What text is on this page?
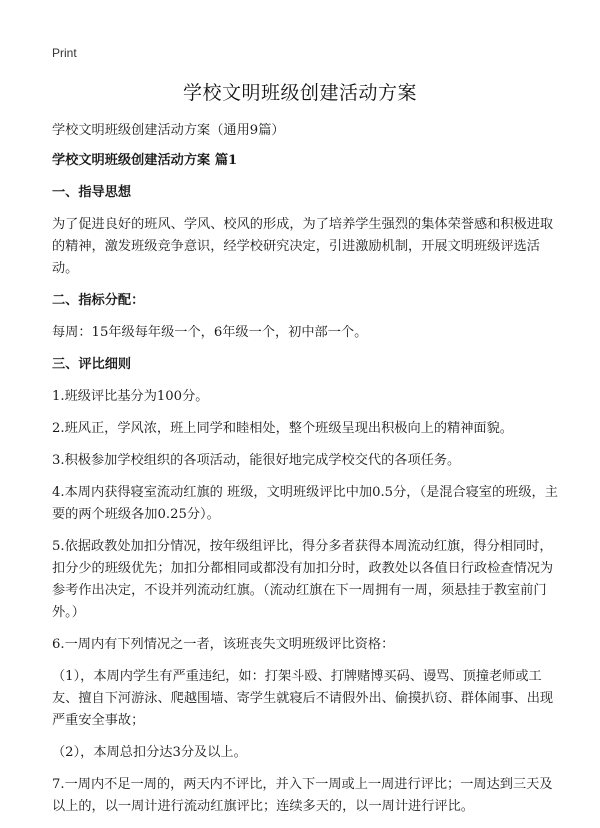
Print
学校文明班级创建活动方案

学校文明班级创建活动方案（通用9篇）

学校文明班级创建活动方案 篇1

一、指导思想

为了促进良好的班风、学风、校风的形成，为了培养学生强烈的集体荣誉感和积极进取的精神，激发班级竞争意识，经学校研究决定，引进激励机制，开展文明班级评选活动。

二、指标分配：

每周：15年级每年级一个，6年级一个，初中部一个。

三、评比细则

1.班级评比基分为100分。

2.班风正，学风浓，班上同学和睦相处，整个班级呈现出积极向上的精神面貌。

3.积极参加学校组织的各项活动，能很好地完成学校交代的各项任务。

4.本周内获得寝室流动红旗的 班级，文明班级评比中加0.5分，（是混合寝室的班级，主要的两个班级各加0.25分）。

5.依据政教处加扣分情况，按年级组评比，得分多者获得本周流动红旗，得分相同时，扣分少的班级优先；加扣分都相同或都没有加扣分时，政教处以各值日行政检查情况为参考作出决定，不设并列流动红旗。（流动红旗在下一周拥有一周，须悬挂于教室前门外。）

6.一周内有下列情况之一者，该班丧失文明班级评比资格：

（1），本周内学生有严重违纪，如：打架斗殴、打牌赌博买码、谩骂、顶撞老师或工友、擅自下河游泳、爬越围墙、寄学生就寝后不请假外出、偷摸扒窃、群体闹事、出现严重安全事故；

（2），本周总扣分达3分及以上。

7.一周内不足一周的，两天内不评比，并入下一周或上一周进行评比；一周达到三天及以上的，以一周计进行流动红旗评比；连续多天的，以一周计进行评比。
